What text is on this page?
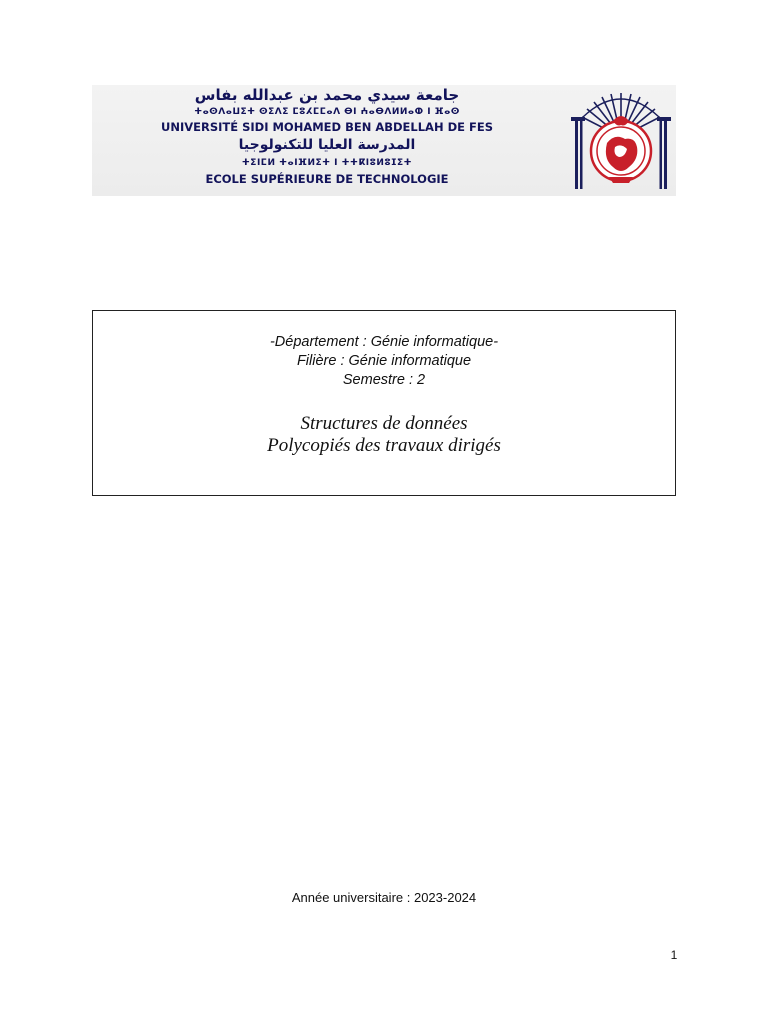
جامعة سيدي محمد بن عبدالله بفاس
ⵜⴰⵙⴷⴰⵡⵉⵜ ⵙⵉⴷⵉ ⵎⵓⵃⵎⵎⴰⴷ ⴱⵏ ⵄⴰⴱⴷⵍⵍⴰⵀ ⵏ ⴼⴰⵙ
UNIVERSITÉ SIDI MOHAMED BEN ABDELLAH DE FES
المدرسة العليا للتكنولوجيا
ⵜⵉⵏⵎⵍ ⵜⴰⵏⴼⵍⵉⵜ ⵏ ⵜⵜⴽⵏⵓⵍⵓⵊⵉⵜ
ECOLE SUPÉRIEURE DE TECHNOLOGIE
-Département : Génie informatique-
Filière : Génie informatique
Semestre : 2
Structures de données
Polycopiés des travaux dirigés
Année universitaire : 2023-2024
1
